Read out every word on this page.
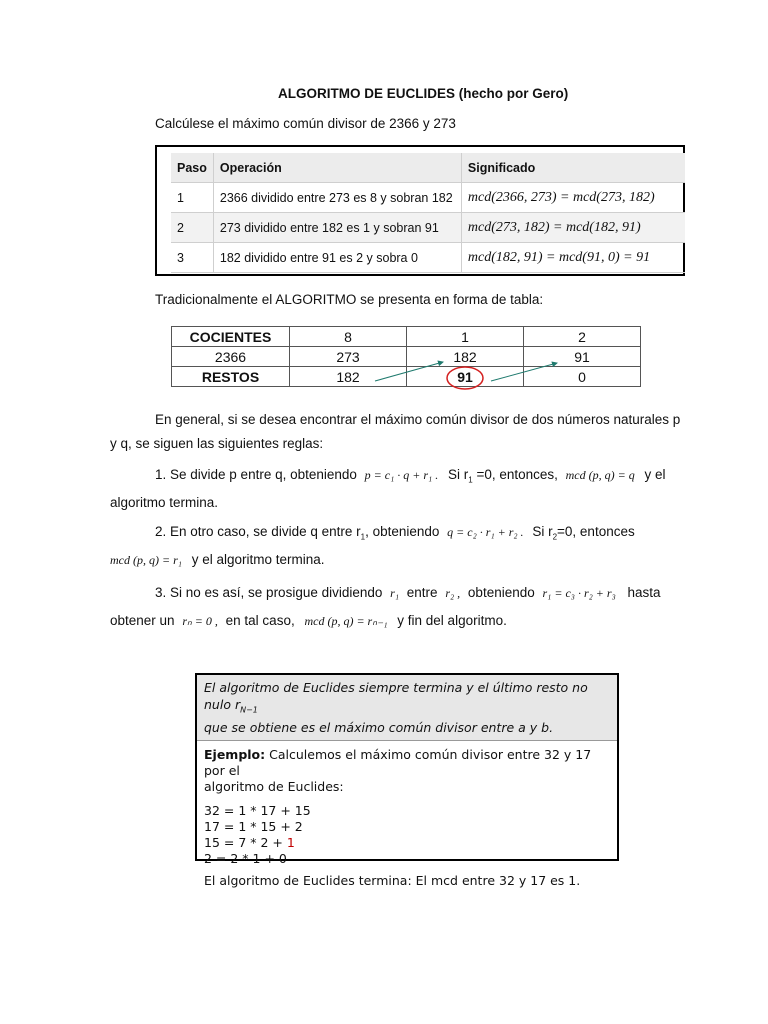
ALGORITMO DE EUCLIDES (hecho por Gero)
Calcúlese el máximo común divisor de 2366 y 273
Paso	Operación	Significado
1	2366 dividido entre 273 es 8 y sobran 182	mcd(2366, 273) = mcd(273, 182)
2	273 dividido entre 182 es 1 y sobran 91	mcd(273, 182) = mcd(182, 91)
3	182 dividido entre 91 es 2 y sobra 0	mcd(182, 91) = mcd(91, 0) = 91
Tradicionalmente el ALGORITMO se presenta en forma de tabla:
COCIENTES	8	1	2
2366	273	182	91
RESTOS	182	91	0
En general, si se desea encontrar el máximo común divisor de dos números naturales p
y q, se siguen las siguientes reglas:
1. Se divide p entre q, obteniendo p = c₁ · q + r₁ . Si $r_1 =0$, entonces, mcd (p, q) = q y el
algoritmo termina.
2. En otro caso, se divide q entre $r_1$, obteniendo q = c₂ · r₁ + r₂ . Si $r_2=0$, entonces
mcd (p, q) = r₁ y el algoritmo termina.
3. Si no es así, se prosigue dividiendo r₁ entre r₂ , obteniendo r₁ = c₃ · r₂ + r₃ hasta
obtener un rₙ = 0 , en tal caso, mcd (p, q) = rₙ₋₁ y fin del algoritmo.
El algoritmo de Euclides siempre termina y el último resto no nulo $r_{N-1}$
que se obtiene es el máximo común divisor entre a y b.
Ejemplo: Calculemos el máximo común divisor entre 32 y 17 por el
algoritmo de Euclides:
32 = 1 * 17 + 15
17 = 1 * 15 + 2
15 = 7 * 2 + 1
2 = 2 * 1 + 0
El algoritmo de Euclides termina: El mcd entre 32 y 17 es 1.
